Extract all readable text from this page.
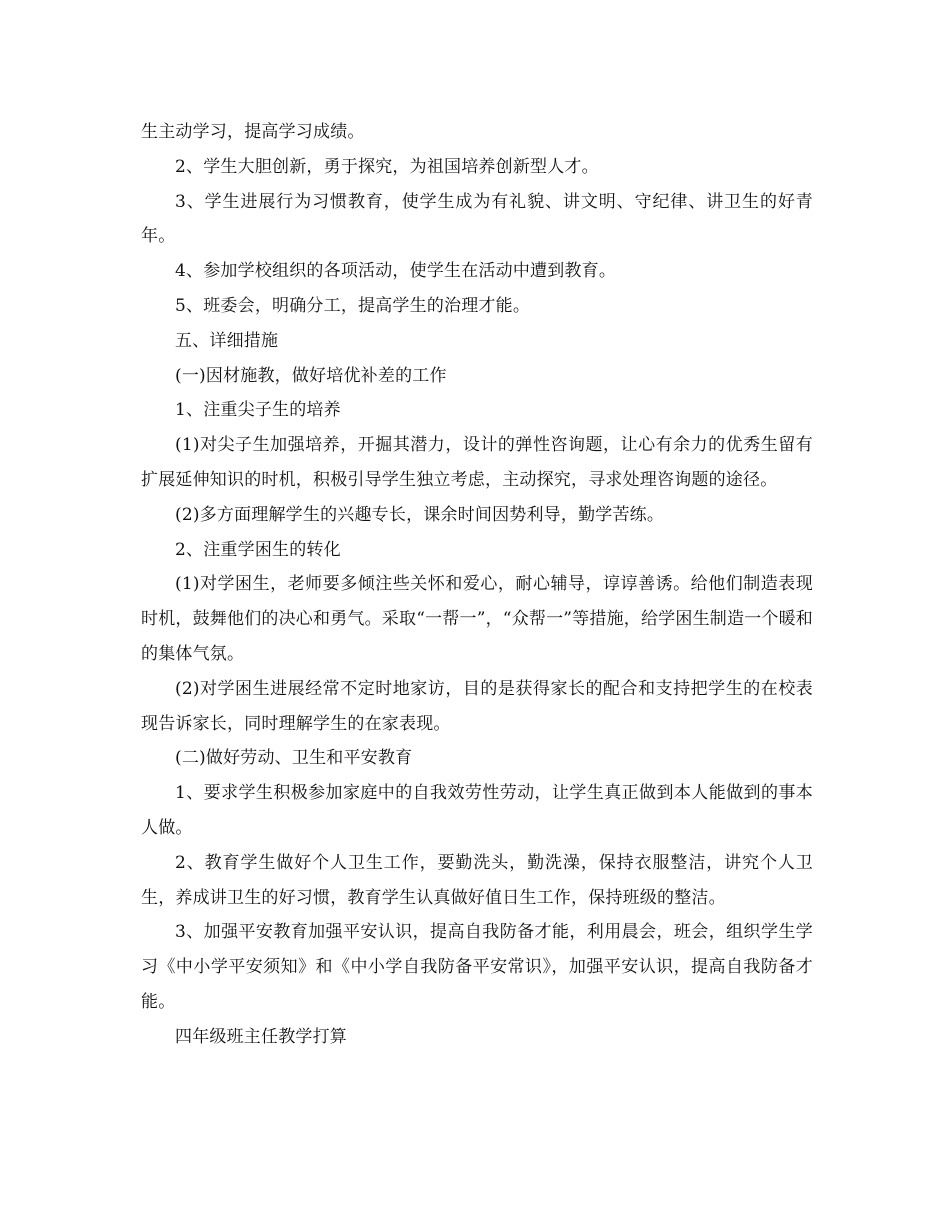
生主动学习，提高学习成绩。

2、学生大胆创新，勇于探究，为祖国培养创新型人才。

3、学生进展行为习惯教育，使学生成为有礼貌、讲文明、守纪律、讲卫生的好青年。

4、参加学校组织的各项活动，使学生在活动中遭到教育。

5、班委会，明确分工，提高学生的治理才能。

五、详细措施

(一)因材施教，做好培优补差的工作

1、注重尖子生的培养

(1)对尖子生加强培养，开掘其潜力，设计的弹性咨询题，让心有余力的优秀生留有扩展延伸知识的时机，积极引导学生独立考虑，主动探究，寻求处理咨询题的途径。

(2)多方面理解学生的兴趣专长，课余时间因势利导，勤学苦练。

2、注重学困生的转化

(1)对学困生，老师要多倾注些关怀和爱心，耐心辅导，谆谆善诱。给他们制造表现时机，鼓舞他们的决心和勇气。采取“一帮一”，“众帮一”等措施，给学困生制造一个暖和的集体气氛。

(2)对学困生进展经常不定时地家访，目的是获得家长的配合和支持把学生的在校表现告诉家长，同时理解学生的在家表现。

(二)做好劳动、卫生和平安教育

1、要求学生积极参加家庭中的自我效劳性劳动，让学生真正做到本人能做到的事本人做。

2、教育学生做好个人卫生工作，要勤洗头，勤洗澡，保持衣服整洁，讲究个人卫生，养成讲卫生的好习惯，教育学生认真做好值日生工作，保持班级的整洁。

3、加强平安教育加强平安认识，提高自我防备才能，利用晨会，班会，组织学生学习《中小学平安须知》和《中小学自我防备平安常识》，加强平安认识，提高自我防备才能。

四年级班主任教学打算
